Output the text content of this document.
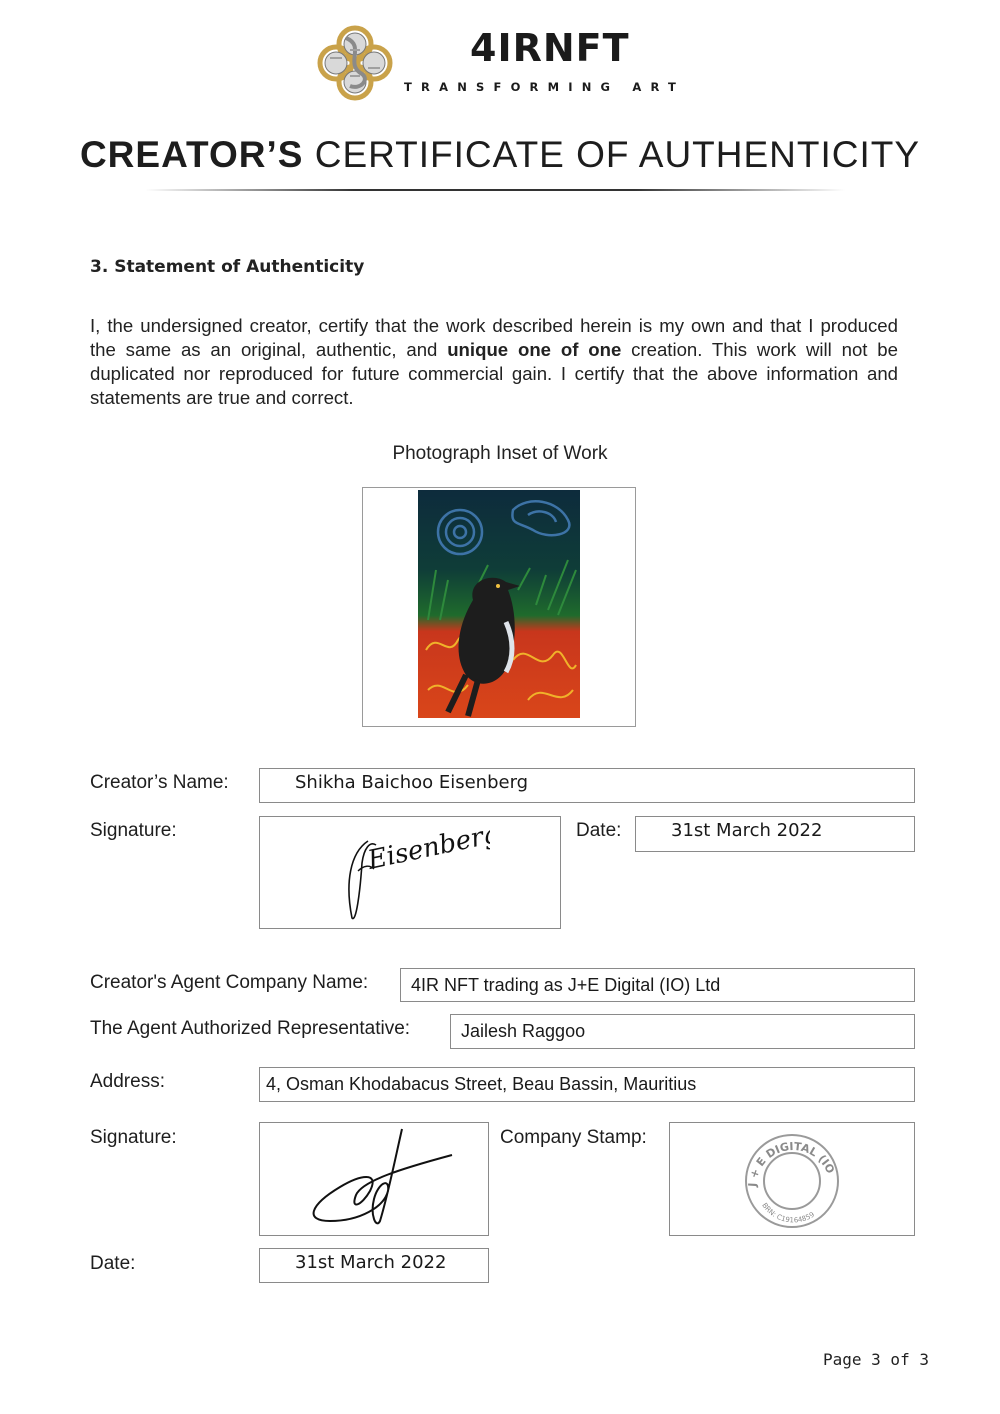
4IRNFT
TRANSFORMING ART
CREATOR’S CERTIFICATE OF AUTHENTICITY
3. Statement of Authenticity
I, the undersigned creator, certify that the work described herein is my own and that I produced the same as an original, authentic, and unique one of one creation. This work will not be duplicated nor reproduced for future commercial gain. I certify that the above information and statements are true and correct.
Photograph Inset of Work
Creator’s Name:	Shikha Baichoo Eisenberg
Signature:	Eisenberg	Date:	31st March 2022
Creator's Agent Company Name: 4IR NFT trading as J+E Digital (IO) Ltd
The Agent Authorized Representative:	Jailesh Raggoo
Address:	4, Osman Khodabacus Street, Beau Bassin, Mauritius
Signature:	Company Stamp:
J + E DIGITAL (IO
BRN: C19164859
Date:	31st March 2022
Page 3 of 3
